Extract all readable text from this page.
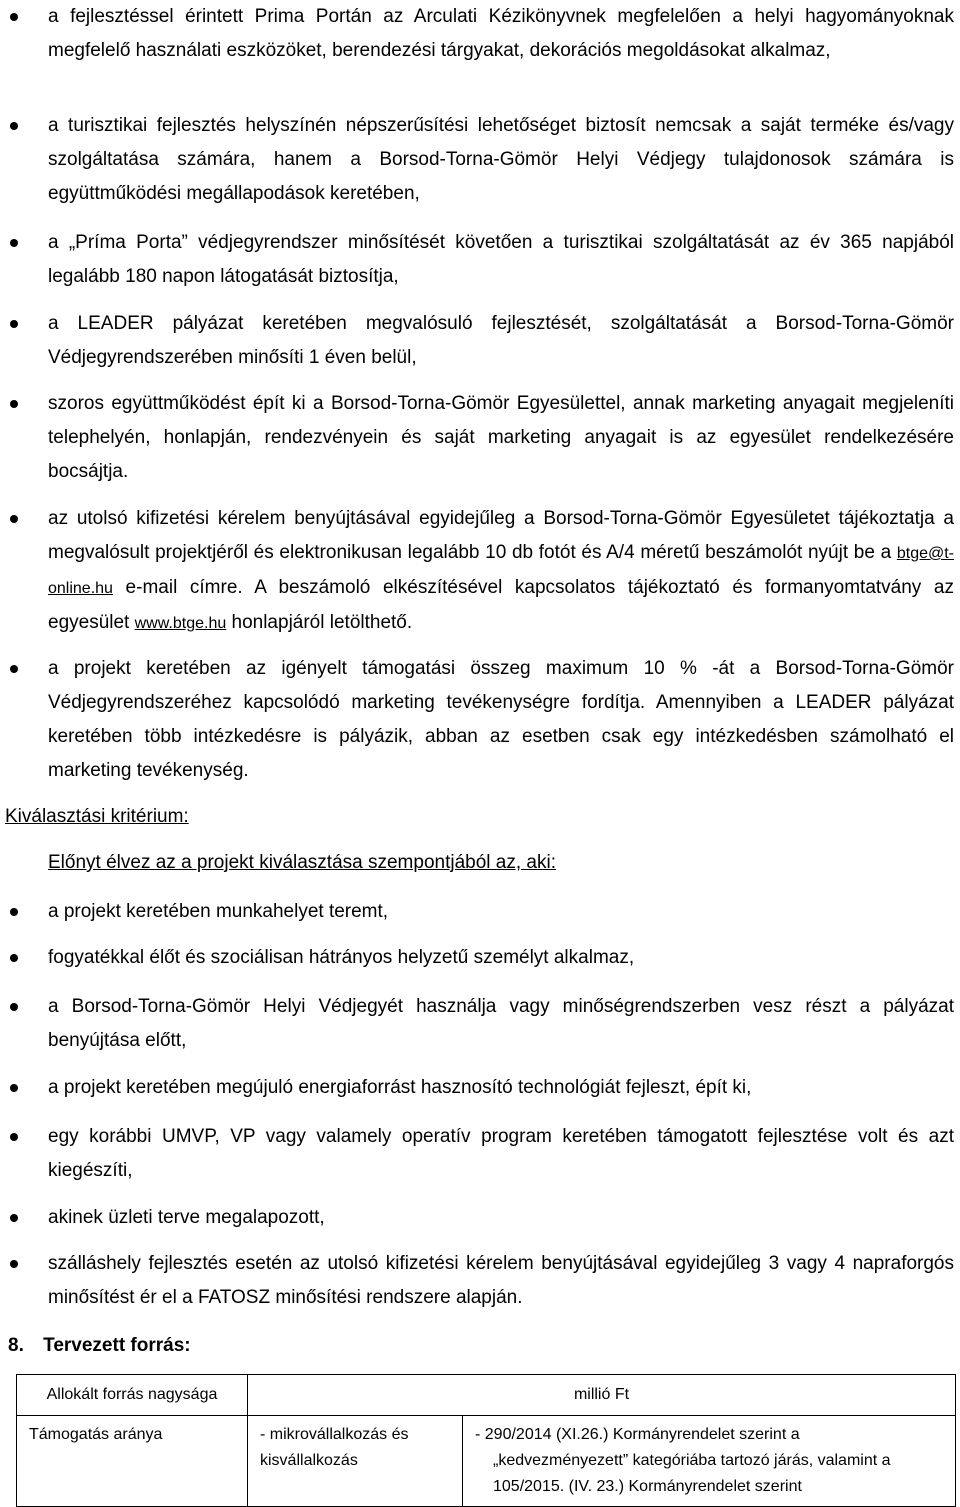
a fejlesztéssel érintett Prima Portán az Arculati Kézikönyvnek megfelelően a helyi hagyományoknak megfelelő használati eszközöket, berendezési tárgyakat, dekorációs megoldásokat alkalmaz,
a turisztikai fejlesztés helyszínén népszerűsítési lehetőséget biztosít nemcsak a saját terméke és/vagy szolgáltatása számára, hanem a Borsod-Torna-Gömör Helyi Védjegy tulajdonosok számára is együttműködési megállapodások keretében,
a „Príma Porta” védjegyrendszer minősítését követően a turisztikai szolgáltatását az év 365 napjából legalább 180 napon látogatását biztosítja,
a LEADER pályázat keretében megvalósuló fejlesztését, szolgáltatását a Borsod-Torna-Gömör Védjegyrendszerében minősíti 1 éven belül,
szoros együttműködést épít ki a Borsod-Torna-Gömör Egyesülettel, annak marketing anyagait megjeleníti telephelyén, honlapján, rendezvényein és saját marketing anyagait is az egyesület rendelkezésére bocsájtja.
az utolsó kifizetési kérelem benyújtásával egyidejűleg a Borsod-Torna-Gömör Egyesületet tájékoztatja a megvalósult projektjéről és elektronikusan legalább 10 db fotót és A/4 méretű beszámolót nyújt be a btge@t-online.hu e-mail címre. A beszámoló elkészítésével kapcsolatos tájékoztató és formanyomtatvány az egyesület www.btge.hu honlapjáról letölthető.
a projekt keretében az igényelt támogatási összeg maximum 10 % -át a Borsod-Torna-Gömör Védjegyrendszeréhez kapcsolódó marketing tevékenységre fordítja. Amennyiben a LEADER pályázat keretében több intézkedésre is pályázik, abban az esetben csak egy intézkedésben számolható el marketing tevékenység.
Kiválasztási kritérium:
Előnyt élvez az a projekt kiválasztása szempontjából az, aki:
a projekt keretében munkahelyet teremt,
fogyatékkal élőt és szociálisan hátrányos helyzetű személyt alkalmaz,
a Borsod-Torna-Gömör Helyi Védjegyét használja vagy minőségrendszerben vesz részt a pályázat benyújtása előtt,
a projekt keretében megújuló energiaforrást hasznosító technológiát fejleszt, épít ki,
egy korábbi UMVP, VP vagy valamely operatív program keretében támogatott fejlesztése volt és azt kiegészíti,
akinek üzleti terve megalapozott,
szálláshely fejlesztés esetén az utolsó kifizetési kérelem benyújtásával egyidejűleg 3 vagy 4 napraforgós minősítést ér el a FATOSZ minősítési rendszere alapján.
8. Tervezett forrás:
Allokált forrás nagysága	millió Ft	
Támogatás aránya	- mikrovállalkozás és kisvállalkozás	- 290/2014 (XI.26.) Kormányrendelet szerint a
„kedvezményezett” kategóriába tartozó járás, valamint a 105/2015. (IV. 23.) Kormányrendelet szerint
